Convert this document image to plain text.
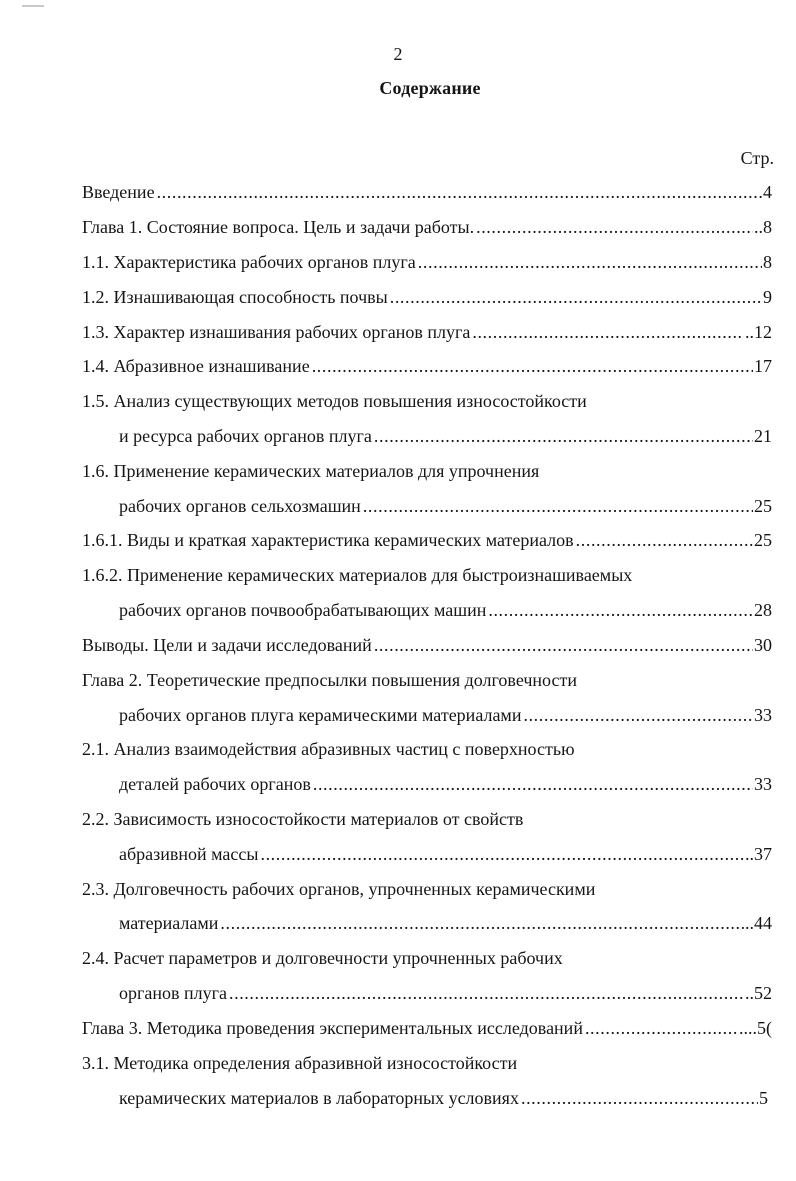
2
Содержание
Стр.
Введение .....	4
Глава 1. Состояние вопроса. Цель и задачи работы. .....	..8
1.1. Характеристика рабочих органов плуга .....	8
1.2. Изнашивающая способность почвы .....	9
1.3. Характер изнашивания рабочих органов плуга .....	..12
1.4. Абразивное изнашивание .....	17
1.5. Анализ существующих методов повышения износостойкости
и ресурса рабочих органов плуга .....	21
1.6. Применение керамических материалов для упрочнения
рабочих органов сельхозмашин .....	25
1.6.1. Виды и краткая характеристика керамических материалов .....	25
1.6.2. Применение керамических материалов для быстроизнашиваемых
рабочих органов почвообрабатывающих машин .....	28
Выводы. Цели и задачи исследований .....	30
Глава 2. Теоретические предпосылки повышения долговечности
рабочих органов плуга керамическими материалами .....	33
2.1. Анализ взаимодействия абразивных частиц с поверхностью
деталей рабочих органов .....	33
2.2. Зависимость износостойкости материалов от свойств
абразивной массы .....	..37
2.3. Долговечность рабочих органов, упрочненных керамическими
материалами .....	..44
2.4. Расчет параметров и долговечности упрочненных рабочих
органов плуга .....	..52
Глава 3. Методика проведения экспериментальных исследований .....	....5(
3.1. Методика определения абразивной износостойкости
керамических материалов в лабораторных условиях .....	5
